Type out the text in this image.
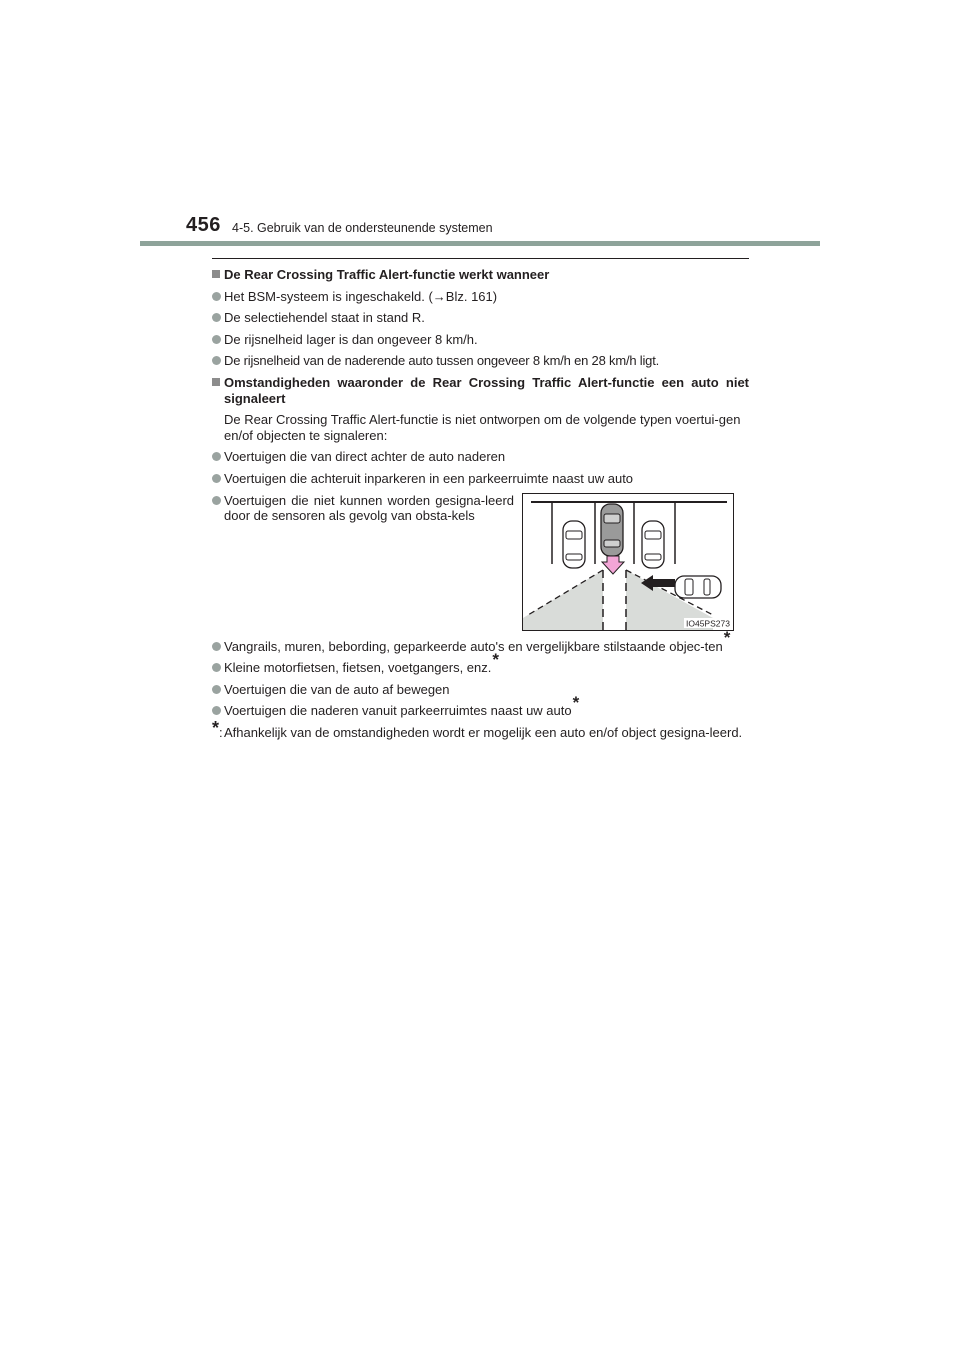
456 4-5. Gebruik van de ondersteunende systemen
De Rear Crossing Traffic Alert-functie werkt wanneer
Het BSM-systeem is ingeschakeld. (→Blz. 161)
De selectiehendel staat in stand R.
De rijsnelheid lager is dan ongeveer 8 km/h.
De rijsnelheid van de naderende auto tussen ongeveer 8 km/h en 28 km/h ligt.
Omstandigheden waaronder de Rear Crossing Traffic Alert-functie een auto niet signaleert
De Rear Crossing Traffic Alert-functie is niet ontworpen om de volgende typen voertui-gen en/of objecten te signaleren:
Voertuigen die van direct achter de auto naderen
Voertuigen die achteruit inparkeren in een parkeerruimte naast uw auto
Voertuigen die niet kunnen worden gesigna-leerd door de sensoren als gevolg van obsta-kels
IO45PS273
Vangrails, muren, bebording, geparkeerde auto's en vergelijkbare stilstaande objec-ten*
Kleine motorfietsen, fietsen, voetgangers, enz.*
Voertuigen die van de auto af bewegen
Voertuigen die naderen vanuit parkeerruimtes naast uw auto*
* : Afhankelijk van de omstandigheden wordt er mogelijk een auto en/of object gesigna-leerd.
